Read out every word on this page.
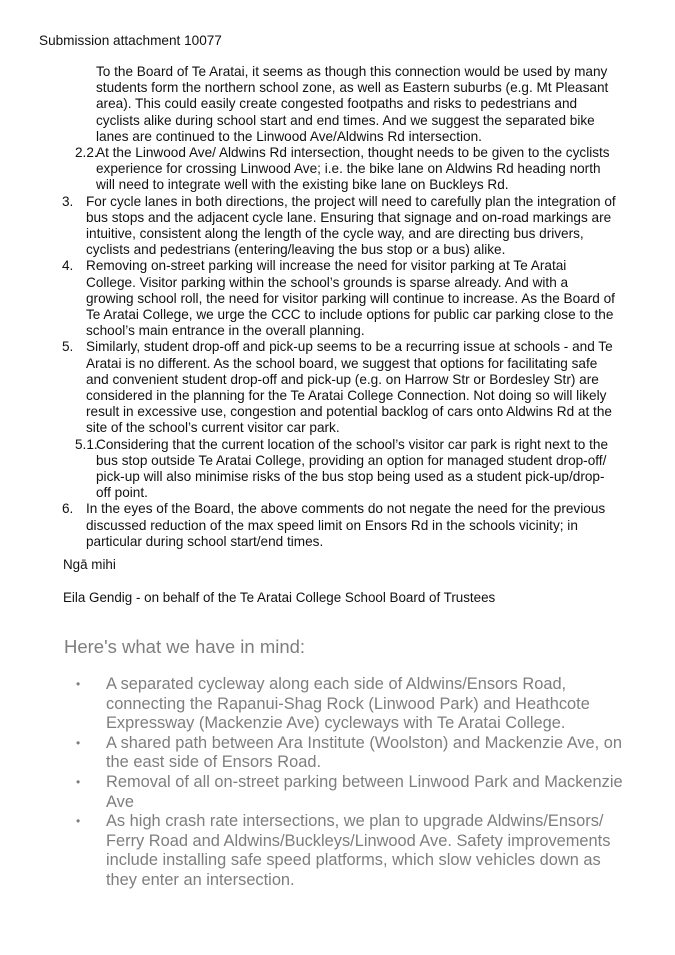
Submission attachment 10077
To the Board of Te Aratai, it seems as though this connection would be used by many students form the northern school zone, as well as Eastern suburbs (e.g. Mt Pleasant area). This could easily create congested footpaths and risks to pedestrians and cyclists alike during school start and end times. And we suggest the separated bike lanes are continued to the Linwood Ave/Aldwins Rd intersection.
2.2.
At the Linwood Ave/ Aldwins Rd intersection, thought needs to be given to the cyclists experience for crossing Linwood Ave; i.e. the bike lane on Aldwins Rd heading north will need to integrate well with the existing bike lane on Buckleys Rd.
3. For cycle lanes in both directions, the project will need to carefully plan the integration of bus stops and the adjacent cycle lane. Ensuring that signage and on-road markings are intuitive, consistent along the length of the cycle way, and are directing bus drivers, cyclists and pedestrians (entering/leaving the bus stop or a bus) alike.
4. Removing on-street parking will increase the need for visitor parking at Te Aratai College. Visitor parking within the school’s grounds is sparse already. And with a growing school roll, the need for visitor parking will continue to increase. As the Board of Te Aratai College, we urge the CCC to include options for public car parking close to the school’s main entrance in the overall planning.
5. Similarly, student drop-off and pick-up seems to be a recurring issue at schools - and Te Aratai is no different. As the school board, we suggest that options for facilitating safe and convenient student drop-off and pick-up (e.g. on Harrow Str or Bordesley Str) are considered in the planning for the Te Aratai College Connection. Not doing so will likely result in excessive use, congestion and potential backlog of cars onto Aldwins Rd at the site of the school’s current visitor car park.
5.1.
Considering that the current location of the school’s visitor car park is right next to the bus stop outside Te Aratai College, providing an option for managed student drop-off/ pick-up will also minimise risks of the bus stop being used as a student pick-up/drop-off point.
6. In the eyes of the Board, the above comments do not negate the need for the previous discussed reduction of the max speed limit on Ensors Rd in the schools vicinity; in particular during school start/end times.
Ngā mihi
Eila Gendig - on behalf of the Te Aratai College School Board of Trustees
Here's what we have in mind:
• A separated cycleway along each side of Aldwins/Ensors Road, connecting the Rapanui-Shag Rock (Linwood Park) and Heathcote Expressway (Mackenzie Ave) cycleways with Te Aratai College.
• A shared path between Ara Institute (Woolston) and Mackenzie Ave, on the east side of Ensors Road.
• Removal of all on-street parking between Linwood Park and Mackenzie Ave
• As high crash rate intersections, we plan to upgrade Aldwins/Ensors/ Ferry Road and Aldwins/Buckleys/Linwood Ave. Safety improvements include installing safe speed platforms, which slow vehicles down as they enter an intersection.
